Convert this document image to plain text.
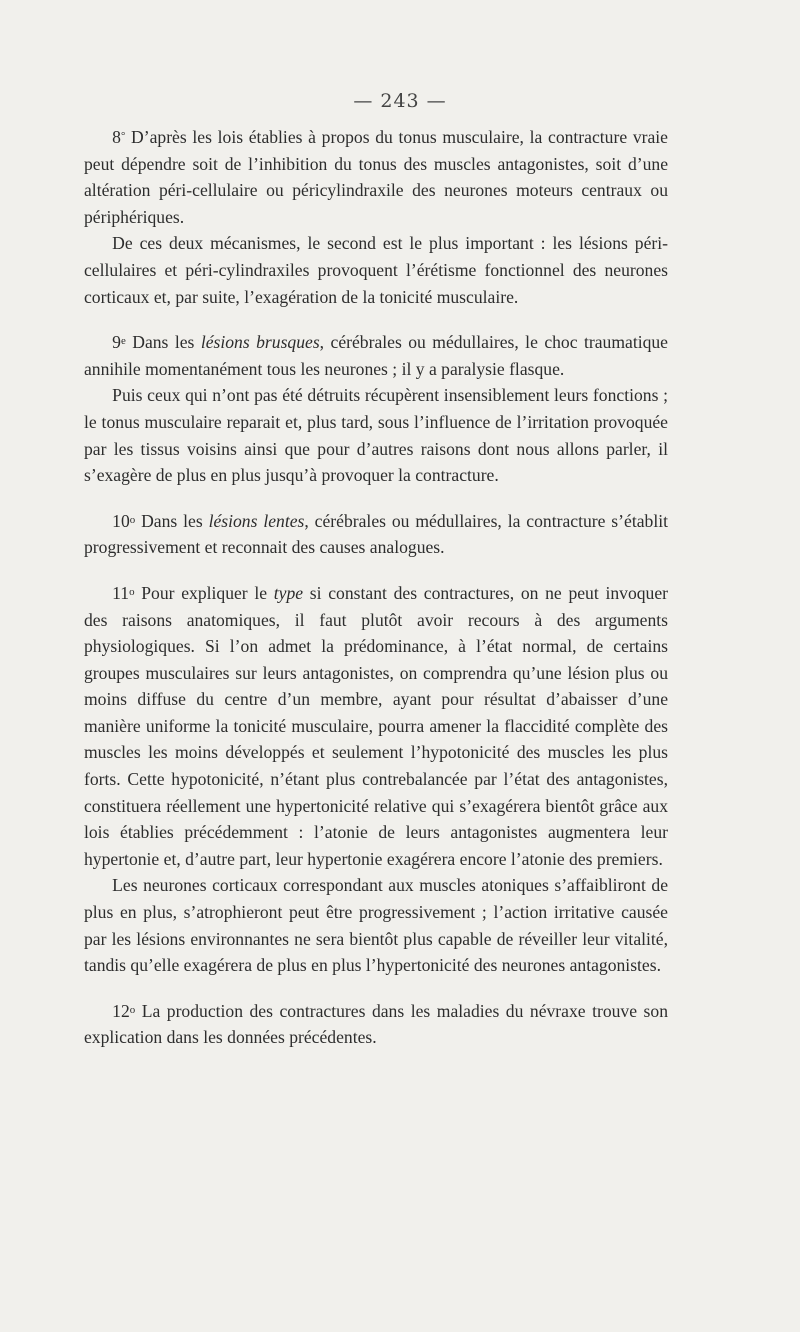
— 243 —

8° D’après les lois établies à propos du tonus musculaire, la contracture vraie peut dépendre soit de l’inhibition du tonus des muscles antagonistes, soit d’une altération péri-cellulaire ou péricylindraxile des neurones moteurs centraux ou périphériques.

De ces deux mécanismes, le second est le plus important : les lésions péri-cellulaires et péri-cylindraxiles provoquent l’érétisme fonctionnel des neurones corticaux et, par suite, l’exagération de la tonicité musculaire.

9e Dans les lésions brusques, cérébrales ou médullaires, le choc traumatique annihile momentanément tous les neurones ; il y a paralysie flasque.

Puis ceux qui n’ont pas été détruits récupèrent insensiblement leurs fonctions ; le tonus musculaire reparait et, plus tard, sous l’influence de l’irritation provoquée par les tissus voisins ainsi que pour d’autres raisons dont nous allons parler, il s’exagère de plus en plus jusqu’à provoquer la contracture.

10$^o$ Dans les lésions lentes, cérébrales ou médullaires, la contracture s’établit progressivement et reconnait des causes analogues.

11$^o$ Pour expliquer le type si constant des contractures, on ne peut invoquer des raisons anatomiques, il faut plutôt avoir recours à des arguments physiologiques. Si l’on admet la prédominance, à l’état normal, de certains groupes musculaires sur leurs antagonistes, on comprendra qu’une lésion plus ou moins diffuse du centre d’un membre, ayant pour résultat d’abaisser d’une manière uniforme la tonicité musculaire, pourra amener la flaccidité complète des muscles les moins développés et seulement l’hypotonicité des muscles les plus forts. Cette hypotonicité, n’étant plus contrebalancée par l’état des antagonistes, constituera réellement une hypertonicité relative qui s’exagérera bientôt grâce aux lois établies précédemment : l’atonie de leurs antagonistes augmentera leur hypertonie et, d’autre part, leur hypertonie exagérera encore l’atonie des premiers.

Les neurones corticaux correspondant aux muscles atoniques s’affaibliront de plus en plus, s’atrophieront peut être progressivement ; l’action irritative causée par les lésions environnantes ne sera bientôt plus capable de réveiller leur vitalité, tandis qu’elle exagérera de plus en plus l’hypertonicité des neurones antagonistes.

12$^o$ La production des contractures dans les maladies du névraxe trouve son explication dans les données précédentes.
